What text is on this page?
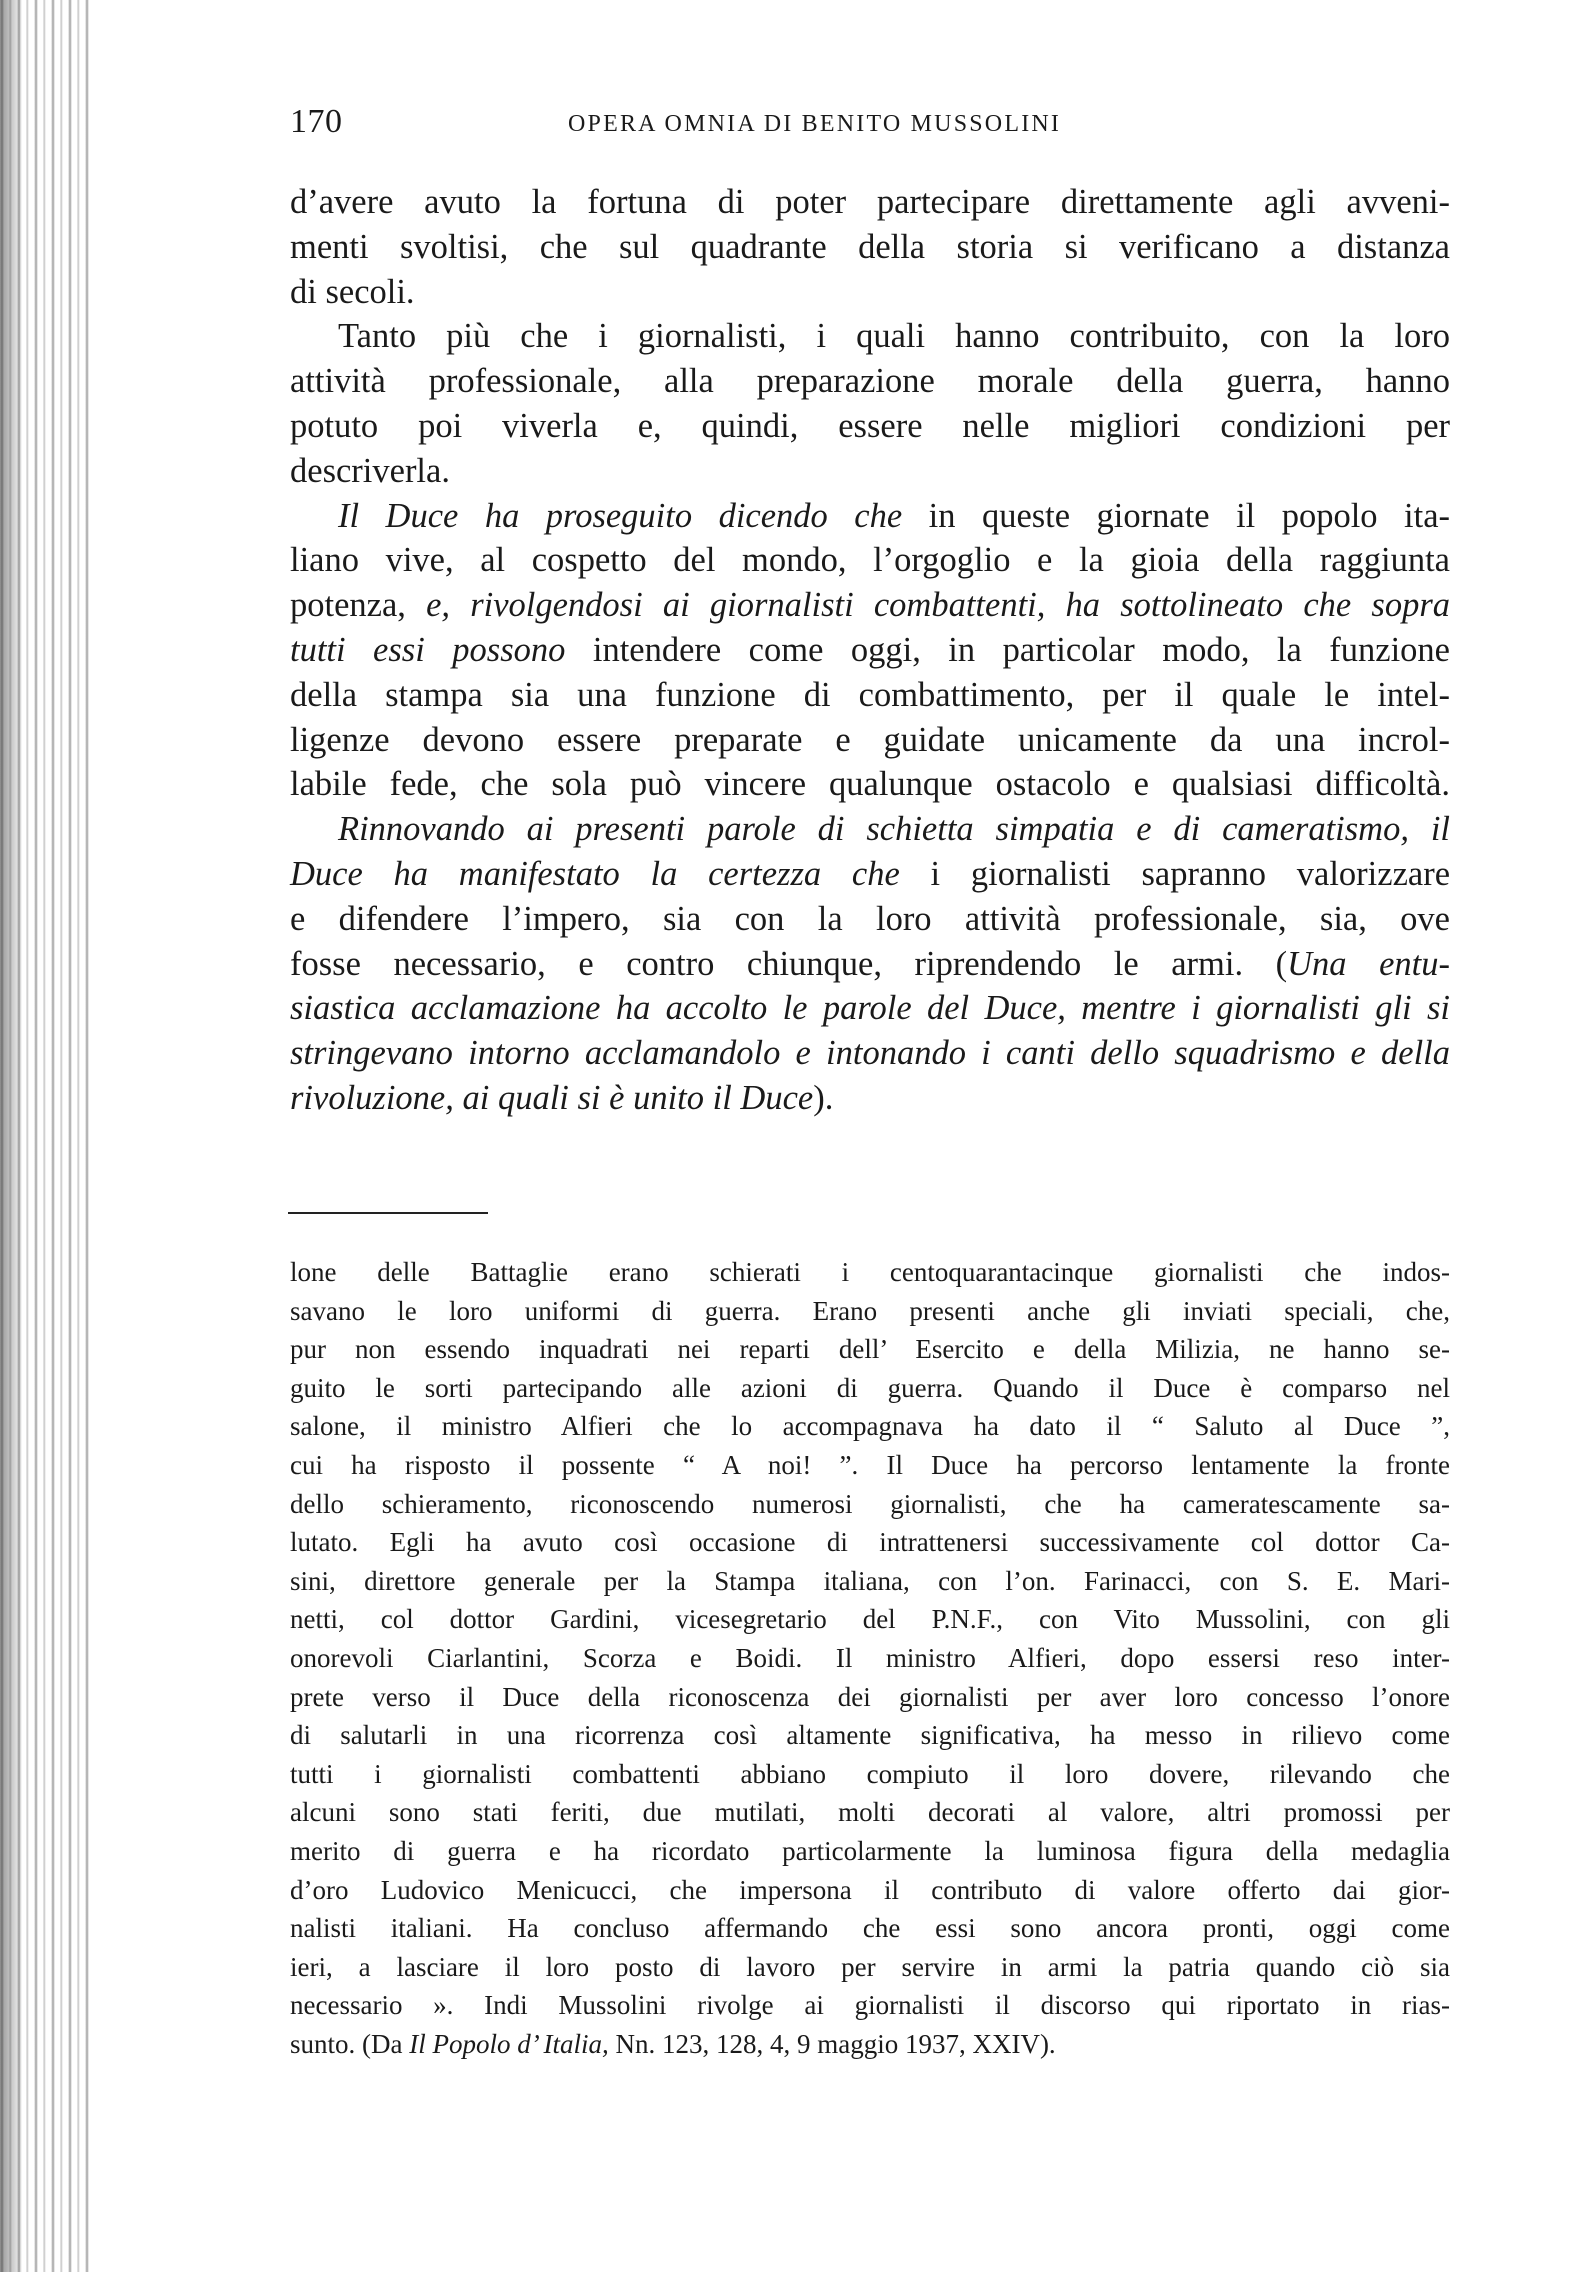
170	OPERA OMNIA DI BENITO MUSSOLINI
d’avere avuto la fortuna di poter partecipare direttamente agli avveni-
menti svoltisi, che sul quadrante della storia si verificano a distanza
di secoli.
Tanto più che i giornalisti, i quali hanno contribuito, con la loro
attività professionale, alla preparazione morale della guerra, hanno
potuto poi viverla e, quindi, essere nelle migliori condizioni per
descriverla.
Il Duce ha proseguito dicendo che in queste giornate il popolo ita-
liano vive, al cospetto del mondo, l’orgoglio e la gioia della raggiunta
potenza, e, rivolgendosi ai giornalisti combattenti, ha sottolineato che sopra
tutti essi possono intendere come oggi, in particolar modo, la funzione
della stampa sia una funzione di combattimento, per il quale le intel-
ligenze devono essere preparate e guidate unicamente da una incrol-
labile fede, che sola può vincere qualunque ostacolo e qualsiasi difficoltà.
Rinnovando ai presenti parole di schietta simpatia e di cameratismo, il
Duce ha manifestato la certezza che i giornalisti sapranno valorizzare
e difendere l’impero, sia con la loro attività professionale, sia, ove
fosse necessario, e contro chiunque, riprendendo le armi. (Una entu-
siastica acclamazione ha accolto le parole del Duce, mentre i giornalisti gli si
stringevano intorno acclamandolo e intonando i canti dello squadrismo e della
rivoluzione, ai quali si è unito il Duce).
lone delle Battaglie erano schierati i centoquarantacinque giornalisti che indos-
savano le loro uniformi di guerra. Erano presenti anche gli inviati speciali, che,
pur non essendo inquadrati nei reparti dell’ Esercito e della Milizia, ne hanno se-
guito le sorti partecipando alle azioni di guerra. Quando il Duce è comparso nel
salone, il ministro Alfieri che lo accompagnava ha dato il “ Saluto al Duce ”,
cui ha risposto il possente “ A noi! ”. Il Duce ha percorso lentamente la fronte
dello schieramento, riconoscendo numerosi giornalisti, che ha cameratescamente sa-
lutato. Egli ha avuto così occasione di intrattenersi successivamente col dottor Ca-
sini, direttore generale per la Stampa italiana, con l’on. Farinacci, con S. E. Mari-
netti, col dottor Gardini, vicesegretario del P.N.F., con Vito Mussolini, con gli
onorevoli Ciarlantini, Scorza e Boidi. Il ministro Alfieri, dopo essersi reso inter-
prete verso il Duce della riconoscenza dei giornalisti per aver loro concesso l’onore
di salutarli in una ricorrenza così altamente significativa, ha messo in rilievo come
tutti i giornalisti combattenti abbiano compiuto il loro dovere, rilevando che
alcuni sono stati feriti, due mutilati, molti decorati al valore, altri promossi per
merito di guerra e ha ricordato particolarmente la luminosa figura della medaglia
d’oro Ludovico Menicucci, che impersona il contributo di valore offerto dai gior-
nalisti italiani. Ha concluso affermando che essi sono ancora pronti, oggi come
ieri, a lasciare il loro posto di lavoro per servire in armi la patria quando ciò sia
necessario ». Indi Mussolini rivolge ai giornalisti il discorso qui riportato in rias-
sunto. (Da Il Popolo d’ Italia, Nn. 123, 128, 4, 9 maggio 1937, XXIV).
